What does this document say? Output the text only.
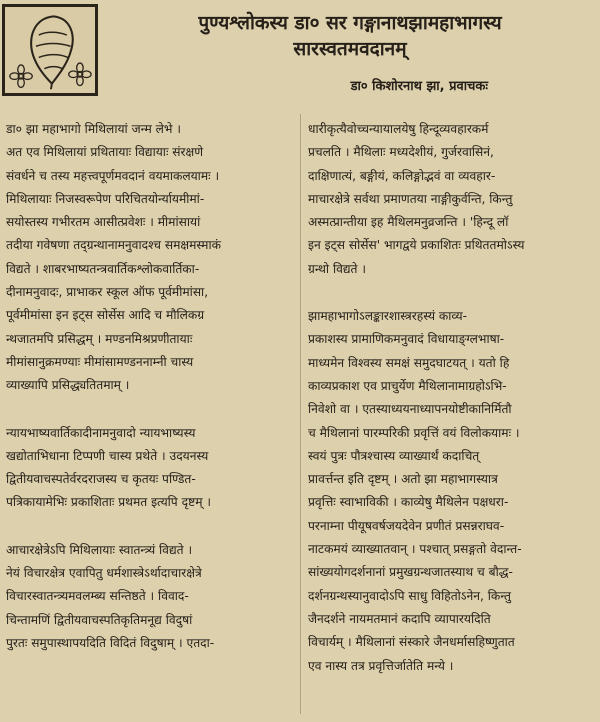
पुण्यश्लोकस्य डा० सर गङ्गानाथझामहाभागस्य
सारस्वतमवदानम्
डा० किशोरनाथ झा, प्रवाचकः
डा० झा महाभागो मिथिलायां जन्म लेभे ।
अत एव मिथिलायां प्रथितायाः विद्यायाः संरक्षणे
संवर्धने च तस्य महत्त्वपूर्णमवदानं वयमाकलयामः ।
मिथिलायाः निजस्वरूपेण परिचितयोर्न्यायमीमां-
सयोस्तस्य गभीरतम आसीत्प्रवेशः । मीमांसायां
तदीया गवेषणा तद्ग्रन्थानामनुवादश्च समक्षमस्माकं
विद्यते । शाबरभाष्यतन्त्रवार्तिकश्लोकवार्तिका-
दीनामनुवादः, प्राभाकर स्कूल ऑफ पूर्वमीमांसा,
पूर्वमीमांसा इन इट्स सोर्सेस आदि च मौलिकग्र
न्थजातमपि प्रसिद्धम् । मण्डनमिश्रप्रणीतायाः
मीमांसानुक्रमण्याः मीमांसामण्डननाम्नी चास्य
व्याख्यापि प्रसिद्ध्यतितमाम् ।
न्यायभाष्यवार्तिकादीनामनुवादो न्यायभाष्यस्य
खद्योताभिधाना टिप्पणी चास्य प्रथेते । उदयनस्य
द्वितीयवाचस्पतेर्वरदराजस्य च कृतयः पण्डित-
पत्रिकायामेभिः प्रकाशिताः प्रथमत इत्यपि दृष्टम् ।
आचारक्षेत्रेऽपि मिथिलायाः स्वातन्त्र्यं विद्यते ।
नेयं विचारक्षेत्र एवापितु धर्मशास्त्रेऽर्थादाचारक्षेत्रे
विचारस्वातन्त्र्यमवलम्ब्य सन्तिष्ठते । विवाद-
चिन्तामणिं द्वितीयवाचस्पतिकृतिमनूद्य विदुषां
पुरतः समुपास्थापयदिति विदितं विदुषाम् । एतदा-
धारीकृत्यैवोच्चन्यायालयेषु हिन्दूव्यवहारकर्म
प्रचलति । मैथिलाः मध्यदेशीयं, गुर्जरवासिनं,
दाक्षिणात्यं, बङ्गीयं, कलिङ्गोद्भवं वा व्यवहार-
माचारक्षेत्रे सर्वथा प्रमाणतया नाङ्गीकुर्वन्ति, किन्तु
अस्मत्प्रान्तीया इह मैथिलमनुव्रजन्ति । 'हिन्दू लॉ
इन इट्स सोर्सेस' भागद्वये प्रकाशितः प्रथिततमोऽस्य
ग्रन्थो विद्यते ।
झामहाभागोऽलङ्कारशास्त्ररहस्यं काव्य-
प्रकाशस्य प्रामाणिकमनुवादं विधायाङ्ग्लभाषा-
माध्यमेन विश्वस्य समक्षं समुदघाटयत् । यतो हि
काव्यप्रकाश एव प्राचुर्येण मैथिलानामाग्रहोऽभि-
निवेशो वा । एतस्याध्ययनाध्यापनयोष्टीकानिर्मितौ
च मैथिलानां पारम्परिकी प्रवृत्तिं वयं विलोकयामः ।
स्वयं पुत्रः पौत्रश्चास्य व्याख्यार्थं कदाचित्
प्रावर्त्तन्त इति दृष्टम् । अतो झा महाभागस्यात्र
प्रवृत्तिः स्वाभाविकी । काव्येषु मैथिलेन पक्षधरा-
परनाम्ना पीयूषवर्षजयदेवेन प्रणीतं प्रसन्नराघव-
नाटकमयं व्याख्यातवान् । पश्चात् प्रसङ्गतो वेदान्त-
सांख्ययोगदर्शनानां प्रमुखग्रन्थजातस्याथ च बौद्ध-
दर्शनग्रन्थस्यानुवादोऽपि साधु विहितोऽनेन, किन्तु
जैनदर्शने नायमतमानं कदापि व्यापारयदिति
विचार्यम् । मैथिलानां संस्कारे जैनधर्मासहिष्णुतात
एव नास्य तत्र प्रवृत्तिर्जातेति मन्ये ।
